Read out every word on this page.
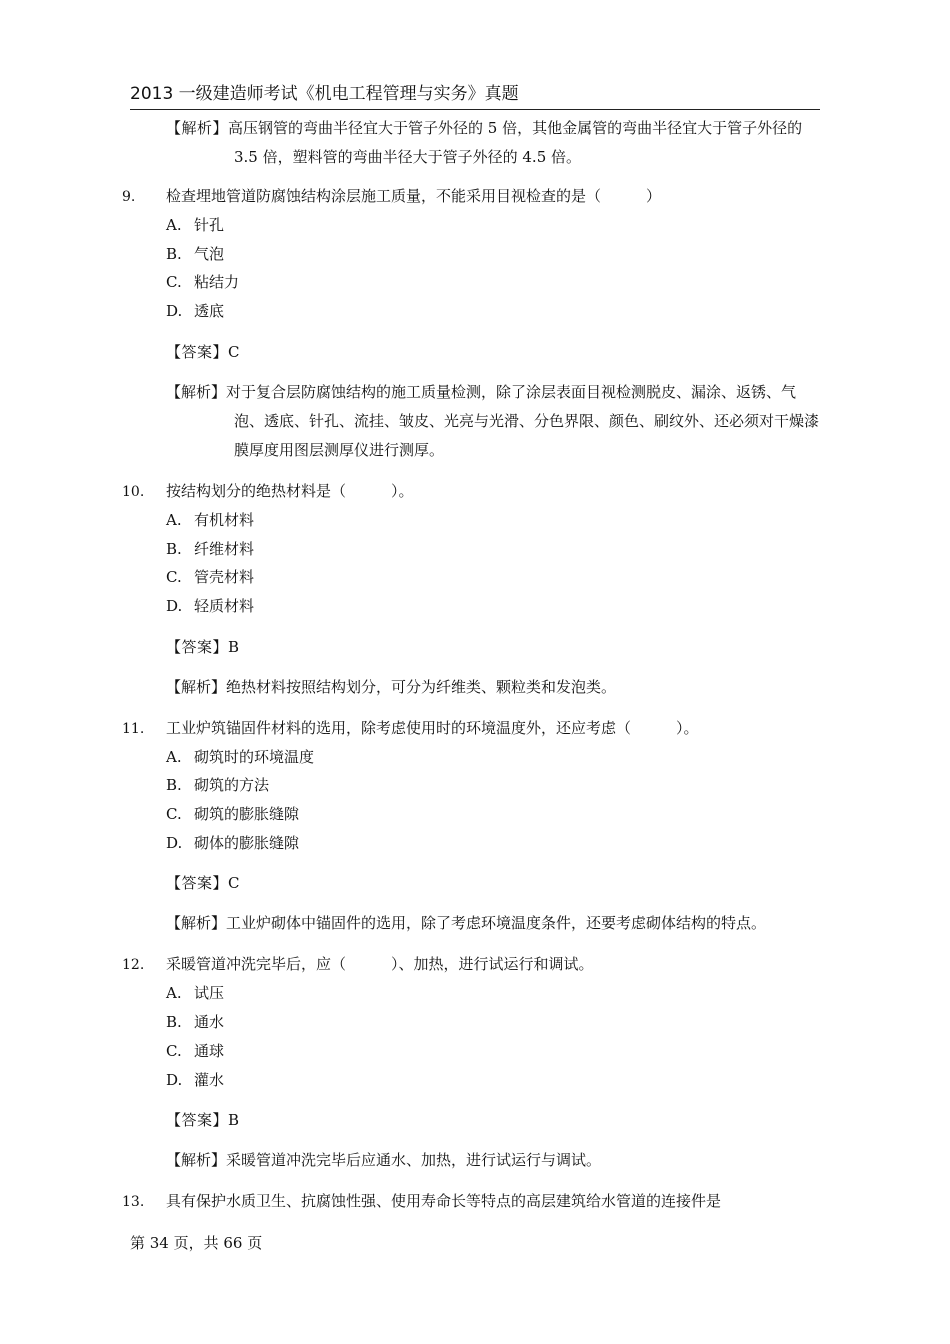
2013 一级建造师考试《机电工程管理与实务》真题

【解析】高压钢管的弯曲半径宜大于管子外径的 5 倍，其他金属管的弯曲半径宜大于管子外径的 3.5 倍，塑料管的弯曲半径大于管子外径的 4.5 倍。

9. 检查埋地管道防腐蚀结构涂层施工质量，不能采用目视检查的是（　　　）

A. 针孔
B. 气泡
C. 粘结力
D. 透底
【答案】C

【解析】对于复合层防腐蚀结构的施工质量检测，除了涂层表面目视检测脱皮、漏涂、返锈、气泡、透底、针孔、流挂、皱皮、光亮与光滑、分色界限、颜色、刷纹外、还必须对干燥漆膜厚度用图层测厚仪进行测厚。

10. 按结构划分的绝热材料是（　　　）。

A. 有机材料
B. 纤维材料
C. 管壳材料
D. 轻质材料
【答案】B

【解析】绝热材料按照结构划分，可分为纤维类、颗粒类和发泡类。

11. 工业炉筑锚固件材料的选用，除考虑使用时的环境温度外，还应考虑（　　　）。

A. 砌筑时的环境温度
B. 砌筑的方法
C. 砌筑的膨胀缝隙
D. 砌体的膨胀缝隙
【答案】C

【解析】工业炉砌体中锚固件的选用，除了考虑环境温度条件，还要考虑砌体结构的特点。

12. 采暖管道冲洗完毕后，应（　　　）、加热，进行试运行和调试。

A. 试压
B. 通水
C. 通球
D. 灌水
【答案】B

【解析】采暖管道冲洗完毕后应通水、加热，进行试运行与调试。

13. 具有保护水质卫生、抗腐蚀性强、使用寿命长等特点的高层建筑给水管道的连接件是

第 34 页，共 66 页
